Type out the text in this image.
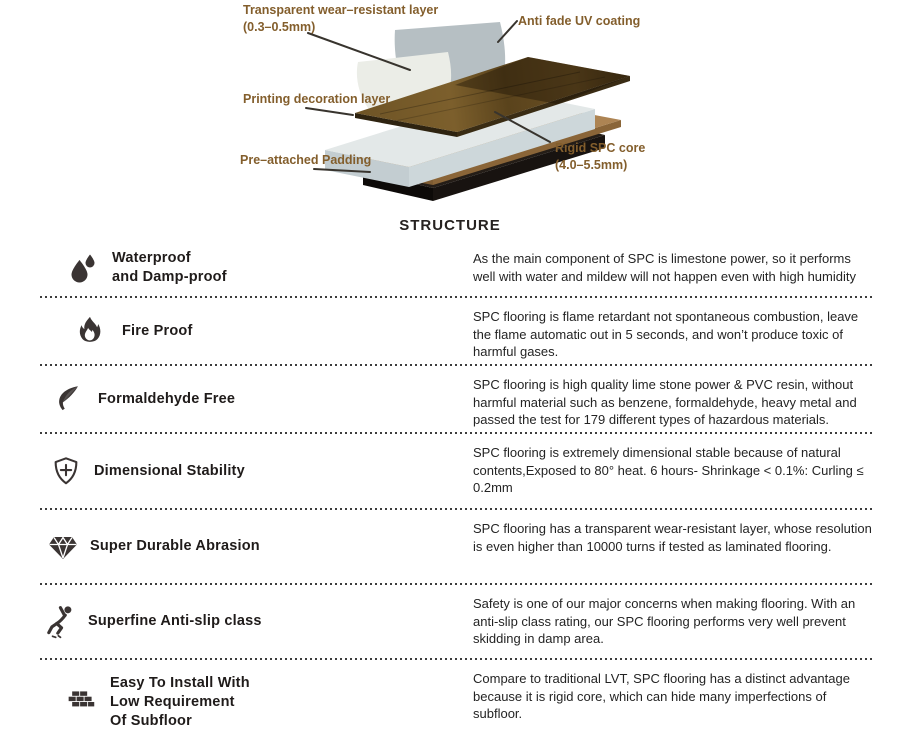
Transparent wear–resistant layer
(0.3–0.5mm)	Anti fade UV coating
Printing decoration layer
Pre–attached Padding
Rigid SPC core
(4.0–5.5mm)
STRUCTURE
Waterproof
and Damp-proof
As the main component of SPC is limestone power, so it performs well with water and mildew will not happen even with high humidity
Fire Proof
SPC flooring is flame retardant not spontaneous combustion, leave the flame automatic out in 5 seconds, and won’t produce toxic of harmful gases.
Formaldehyde Free
SPC flooring is high quality lime stone power & PVC resin, without harmful material such as benzene, formaldehyde, heavy metal and passed the test for 179 different types of hazardous materials.
Dimensional Stability
SPC flooring is extremely dimensional stable because of natural contents,Exposed to 80° heat. 6 hours- Shrinkage < 0.1%: Curling ≤ 0.2mm
Super Durable Abrasion
SPC flooring has a transparent wear-resistant layer, whose resolution is even higher than 10000 turns if tested as laminated flooring.
Superfine Anti-slip class
Safety is one of our major concerns when making flooring. With an anti-slip class rating, our SPC flooring performs very well prevent skidding in damp area.
Easy To Install With
Low Requirement
Of Subfloor
Compare to traditional LVT, SPC flooring has a distinct advantage because it is rigid core, which can hide many imperfections of subfloor.
